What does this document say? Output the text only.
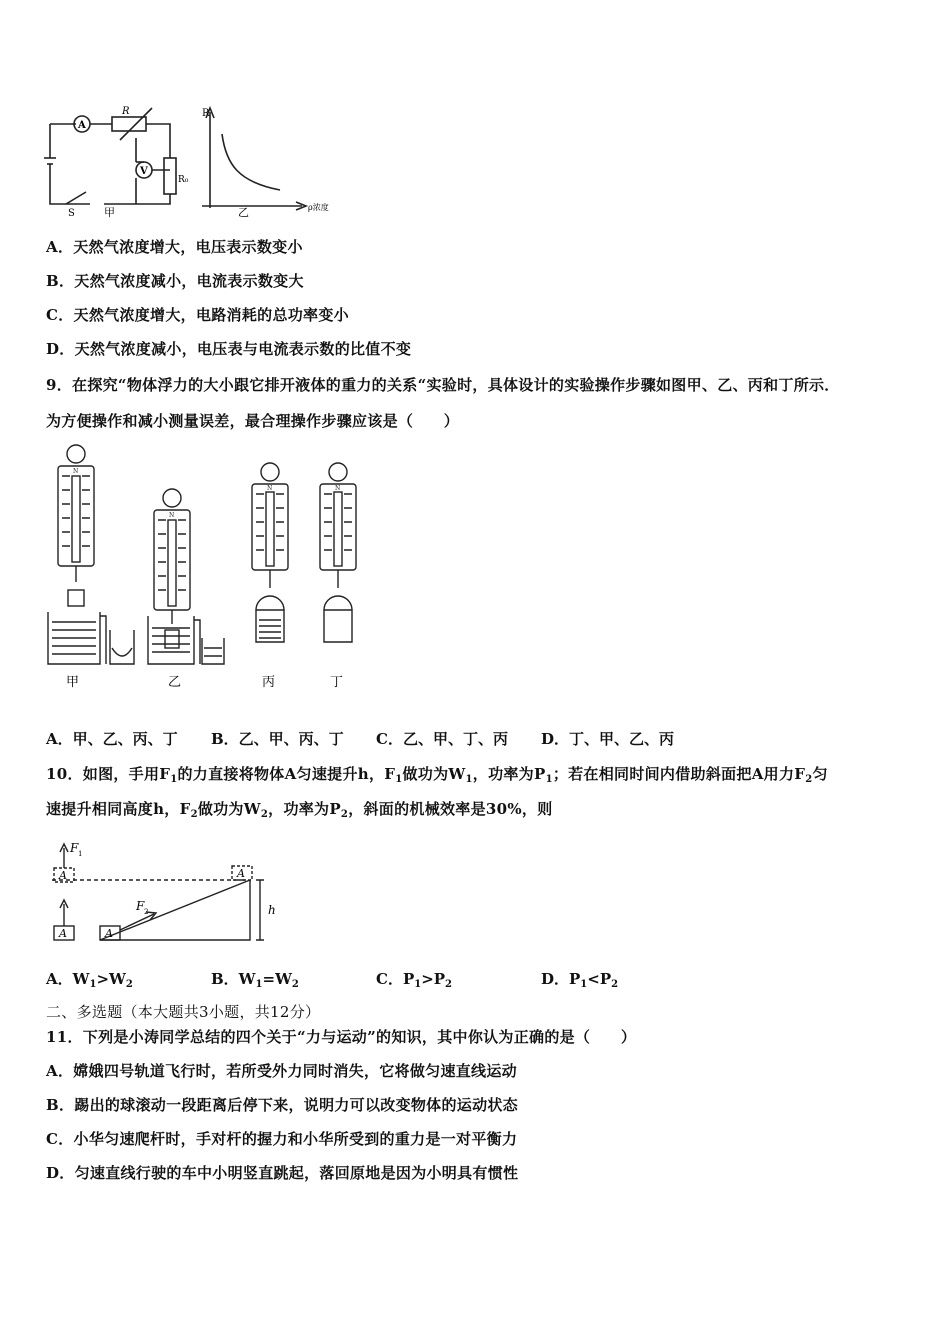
A
R
V
R₀
S	甲
R
乙	ρ浓度
A．天然气浓度增大，电压表示数变小
B．天然气浓度减小，电流表示数变大
C．天然气浓度增大，电路消耗的总功率变小
D．天然气浓度减小，电压表与电流表示数的比值不变
9．在探究“物体浮力的大小跟它排开液体的重力的关系“实验时，具体设计的实验操作步骤如图甲、乙、丙和丁所示．
为方便操作和减小测量误差，最合理操作步骤应该是（　　）
N
N
N	N
甲	乙	丙	丁
A．甲、乙、丙、丁 B．乙、甲、丙、丁 C．乙、甲、丁、丙 D．丁、甲、乙、丙
10．如图，手用$F_1$的力直接将物体A匀速提升h，$F_1$做功为$W_1$，功率为$P_1$；若在相同时间内借助斜面把A用力$F_2$匀
速提升相同高度h，$F_2$做功为$W_2$，功率为$P_2$，斜面的机械效率是30%，则
F 1
F 2
A
A	A
A
h
A．$W_1>W_2$	B．$W_1=W_2$	C．$P_1>P_2$	D．$P_1<P_2$
二、多选题（本大题共3小题，共12分）
11．下列是小涛同学总结的四个关于“力与运动”的知识，其中你认为正确的是（　　）
A．嫦娥四号轨道飞行时，若所受外力同时消失，它将做匀速直线运动
B．踢出的球滚动一段距离后停下来，说明力可以改变物体的运动状态
C．小华匀速爬杆时，手对杆的握力和小华所受到的重力是一对平衡力
D．匀速直线行驶的车中小明竖直跳起，落回原地是因为小明具有惯性
